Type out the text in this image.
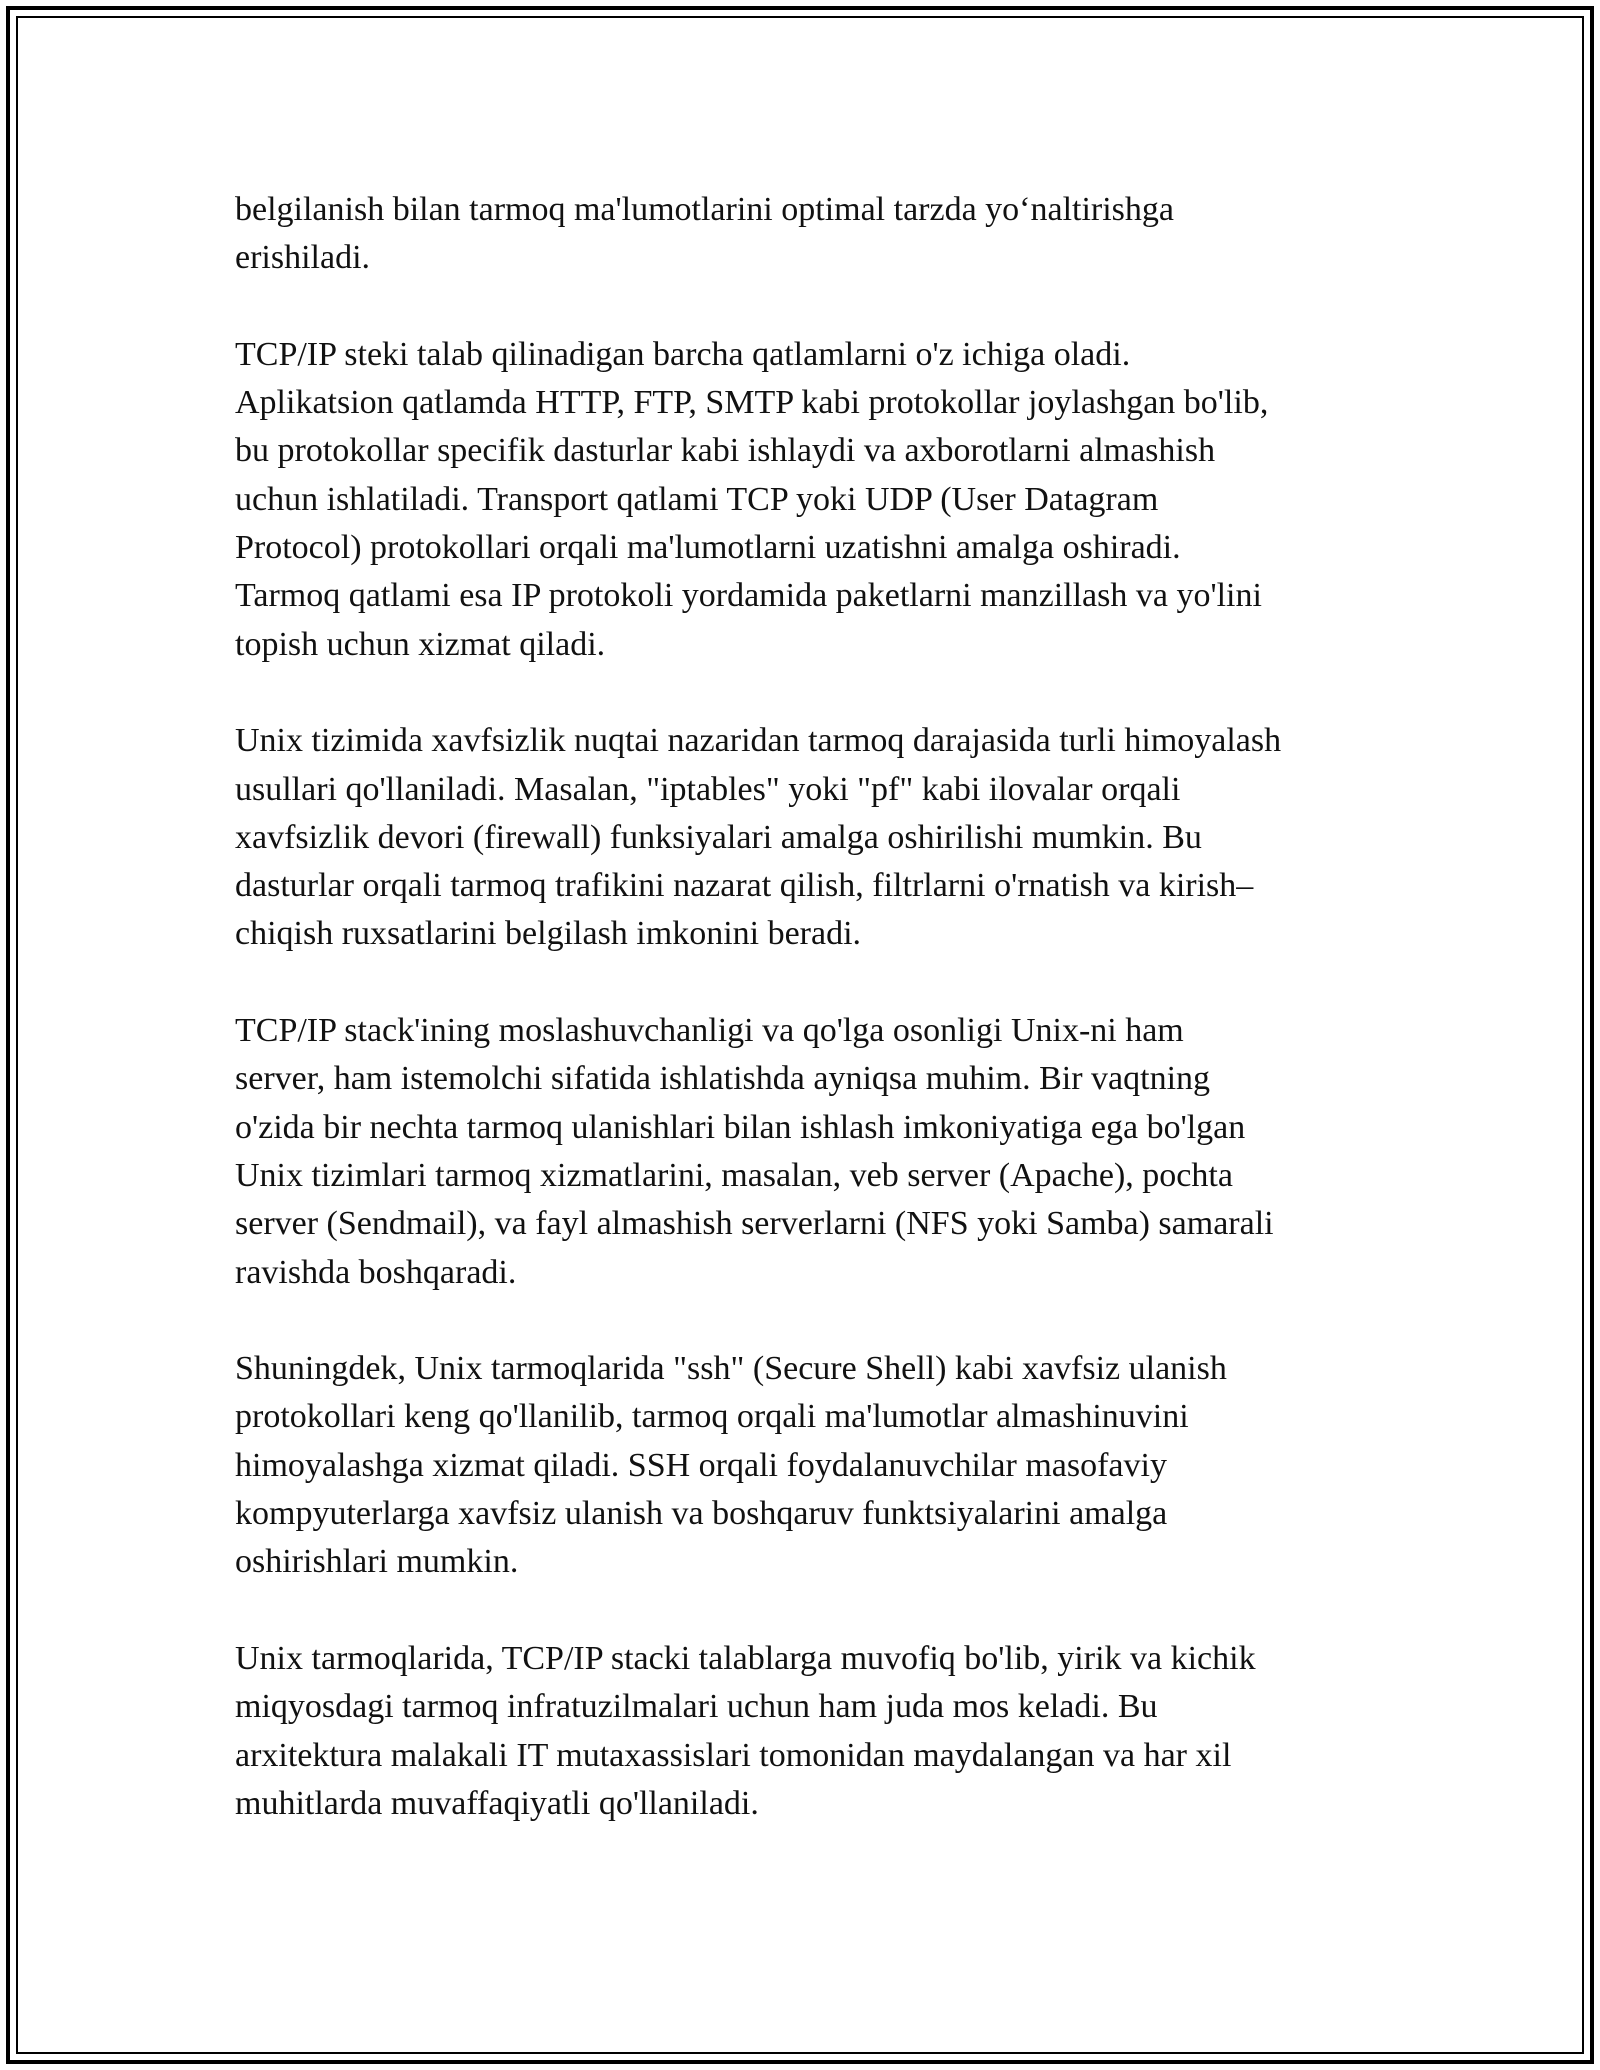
belgilanish bilan tarmoq ma'lumotlarini optimal tarzda yo‘naltirishga
erishiladi.
TCP/IP steki talab qilinadigan barcha qatlamlarni o'z ichiga oladi.
Aplikatsion qatlamda HTTP, FTP, SMTP kabi protokollar joylashgan bo'lib,
bu protokollar specifik dasturlar kabi ishlaydi va axborotlarni almashish
uchun ishlatiladi. Transport qatlami TCP yoki UDP (User Datagram
Protocol) protokollari orqali ma'lumotlarni uzatishni amalga oshiradi.
Tarmoq qatlami esa IP protokoli yordamida paketlarni manzillash va yo'lini
topish uchun xizmat qiladi.
Unix tizimida xavfsizlik nuqtai nazaridan tarmoq darajasida turli himoyalash
usullari qo'llaniladi. Masalan, "iptables" yoki "pf" kabi ilovalar orqali
xavfsizlik devori (firewall) funksiyalari amalga oshirilishi mumkin. Bu
dasturlar orqali tarmoq trafikini nazarat qilish, filtrlarni o'rnatish va kirish–
chiqish ruxsatlarini belgilash imkonini beradi.
TCP/IP stack'ining moslashuvchanligi va qo'lga osonligi Unix-ni ham
server, ham istemolchi sifatida ishlatishda ayniqsa muhim. Bir vaqtning
o'zida bir nechta tarmoq ulanishlari bilan ishlash imkoniyatiga ega bo'lgan
Unix tizimlari tarmoq xizmatlarini, masalan, veb server (Apache), pochta
server (Sendmail), va fayl almashish serverlarni (NFS yoki Samba) samarali
ravishda boshqaradi.
Shuningdek, Unix tarmoqlarida "ssh" (Secure Shell) kabi xavfsiz ulanish
protokollari keng qo'llanilib, tarmoq orqali ma'lumotlar almashinuvini
himoyalashga xizmat qiladi. SSH orqali foydalanuvchilar masofaviy
kompyuterlarga xavfsiz ulanish va boshqaruv funktsiyalarini amalga
oshirishlari mumkin.
Unix tarmoqlarida, TCP/IP stacki talablarga muvofiq bo'lib, yirik va kichik
miqyosdagi tarmoq infratuzilmalari uchun ham juda mos keladi. Bu
arxitektura malakali IT mutaxassislari tomonidan maydalangan va har xil
muhitlarda muvaffaqiyatli qo'llaniladi.
